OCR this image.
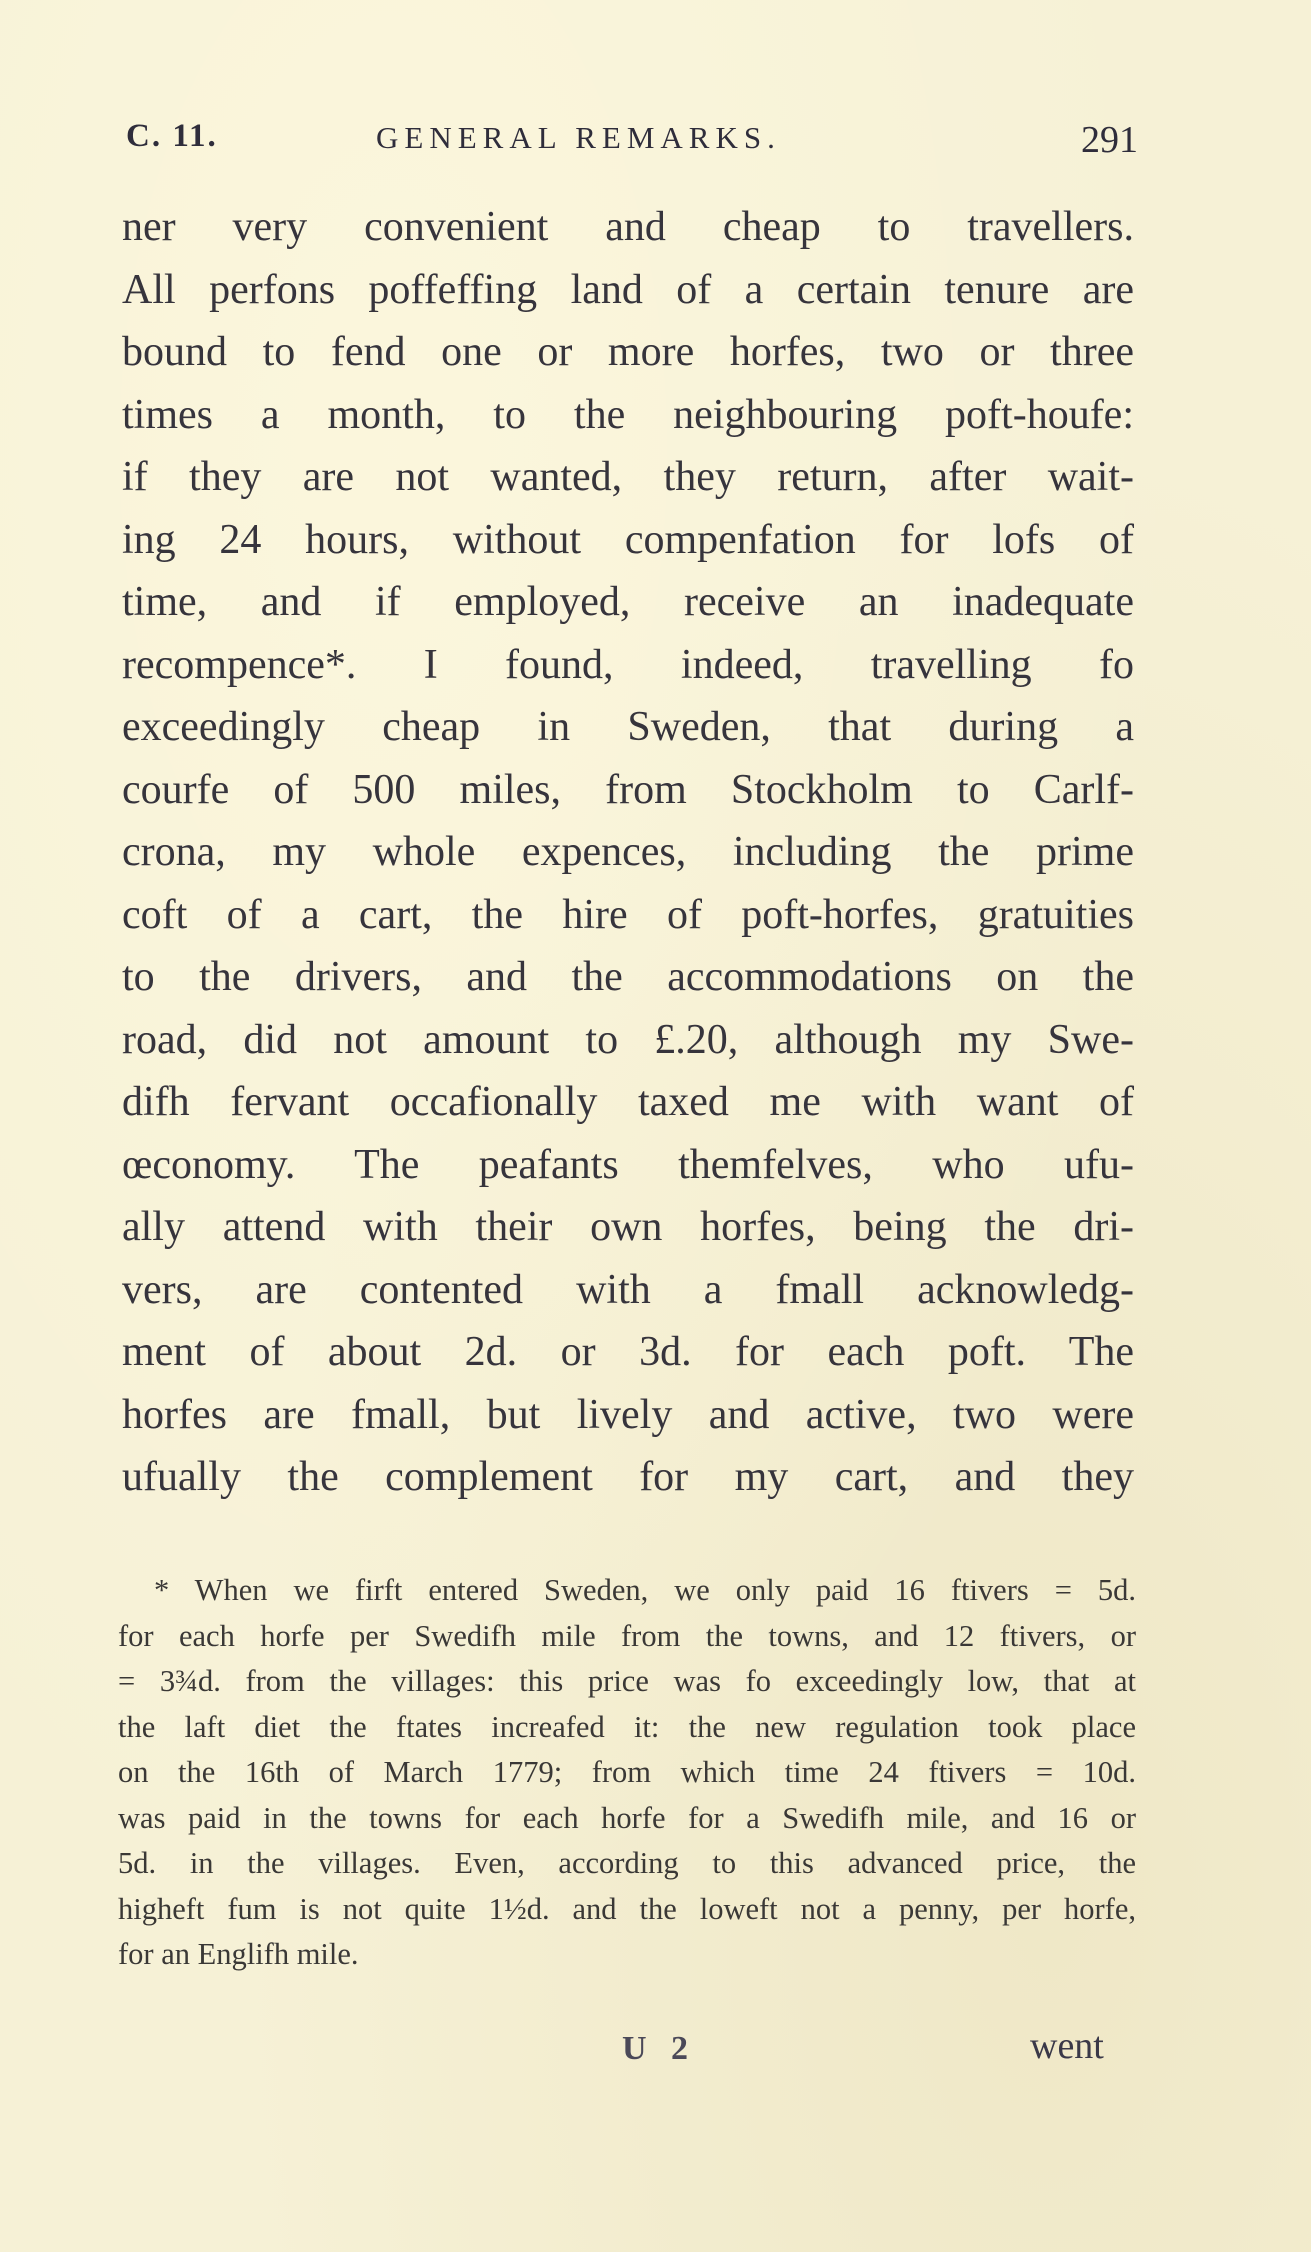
C. 11.	GENERAL REMARKS.	291
ner very convenient and cheap to travellers.
All perfons poffeffing land of a certain tenure are
bound to fend one or more horfes, two or three
times a month, to the neighbouring poft-houfe:
if they are not wanted, they return, after wait-
ing 24 hours, without compenfation for lofs of
time, and if employed, receive an inadequate
recompence*. I found, indeed, travelling fo
exceedingly cheap in Sweden, that during a
courfe of 500 miles, from Stockholm to Carlf-
crona, my whole expences, including the prime
coft of a cart, the hire of poft-horfes, gratuities
to the drivers, and the accommodations on the
road, did not amount to £.20, although my Swe-
difh fervant occafionally taxed me with want of
œconomy. The peafants themfelves, who ufu-
ally attend with their own horfes, being the dri-
vers, are contented with a fmall acknowledg-
ment of about 2d. or 3d. for each poft. The
horfes are fmall, but lively and active, two were
ufually the complement for my cart, and they
* When we firft entered Sweden, we only paid 16 ftivers = 5d.
for each horfe per Swedifh mile from the towns, and 12 ftivers, or
= 3¾d. from the villages: this price was fo exceedingly low, that at
the laft diet the ftates increafed it: the new regulation took place
on the 16th of March 1779; from which time 24 ftivers = 10d.
was paid in the towns for each horfe for a Swedifh mile, and 16 or
5d. in the villages. Even, according to this advanced price, the
higheft fum is not quite 1½d. and the loweft not a penny, per horfe,
for an Englifh mile.
U 2	went
